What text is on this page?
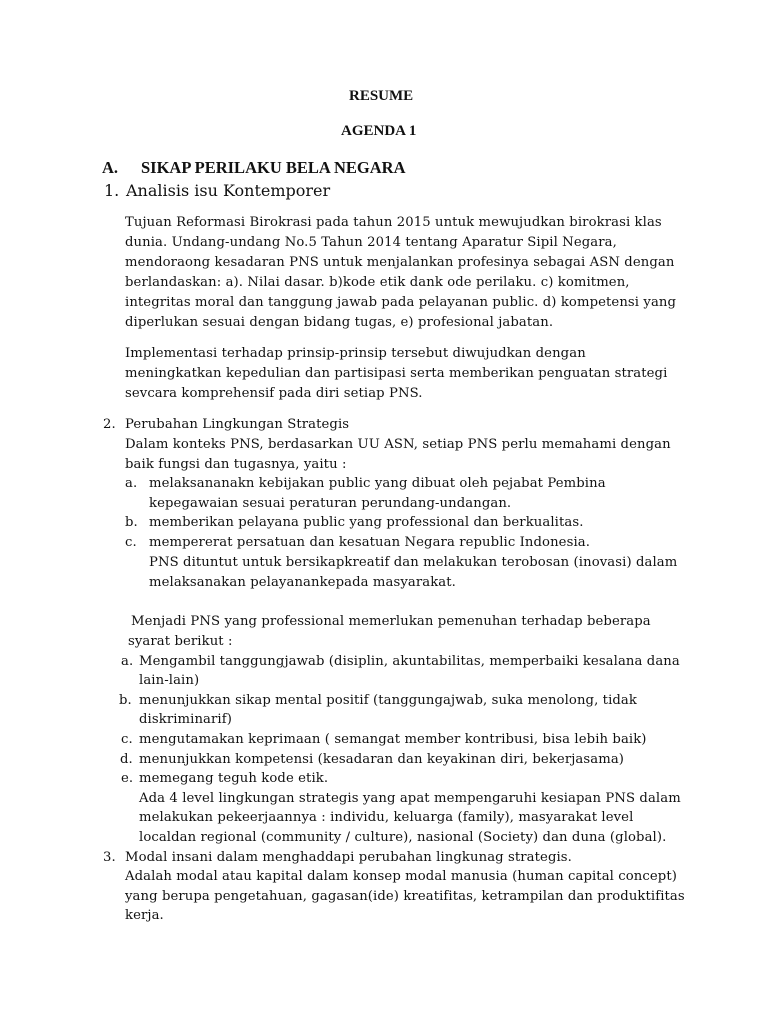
RESUME
AGENDA 1
A. SIKAP PERILAKU BELA NEGARA
1. Analisis isu Kontemporer
Tujuan Reformasi Birokrasi pada tahun 2015 untuk mewujudkan birokrasi klas
dunia. Undang-undang No.5 Tahun 2014 tentang Aparatur Sipil Negara,
mendoraong kesadaran PNS untuk menjalankan profesinya sebagai ASN dengan
berlandaskan: a). Nilai dasar. b)kode etik dank ode perilaku. c) komitmen,
integritas moral dan tanggung jawab pada pelayanan public. d) kompetensi yang
diperlukan sesuai dengan bidang tugas, e) profesional jabatan.
Implementasi terhadap prinsip-prinsip tersebut diwujudkan dengan
meningkatkan kepedulian dan partisipasi serta memberikan penguatan strategi
sevcara komprehensif pada diri setiap PNS.
2. Perubahan Lingkungan Strategis
Dalam konteks PNS, berdasarkan UU ASN, setiap PNS perlu memahami dengan
baik fungsi dan tugasnya, yaitu :
a. melaksananakn kebijakan public yang dibuat oleh pejabat Pembina
kepegawaian sesuai peraturan perundang-undangan.
b. memberikan pelayana public yang professional dan berkualitas.
c. mempererat persatuan dan kesatuan Negara republic Indonesia.
PNS dituntut untuk bersikapkreatif dan melakukan terobosan (inovasi) dalam
melaksanakan pelayanankepada masyarakat.
Menjadi PNS yang professional memerlukan pemenuhan terhadap beberapa
syarat berikut :
a. Mengambil tanggungjawab (disiplin, akuntabilitas, memperbaiki kesalana dana
lain-lain)
b. menunjukkan sikap mental positif (tanggungajwab, suka menolong, tidak
diskriminarif)
c. mengutamakan keprimaan ( semangat member kontribusi, bisa lebih baik)
d. menunjukkan kompetensi (kesadaran dan keyakinan diri, bekerjasama)
e. memegang teguh kode etik.
Ada 4 level lingkungan strategis yang apat mempengaruhi kesiapan PNS dalam
melakukan pekeerjaannya : individu, keluarga (family), masyarakat level
localdan regional (community / culture), nasional (Society) dan duna (global).
3. Modal insani dalam menghaddapi perubahan lingkunag strategis.
Adalah modal atau kapital dalam konsep modal manusia (human capital concept)
yang berupa pengetahuan, gagasan(ide) kreatifitas, ketrampilan dan produktifitas
kerja.
